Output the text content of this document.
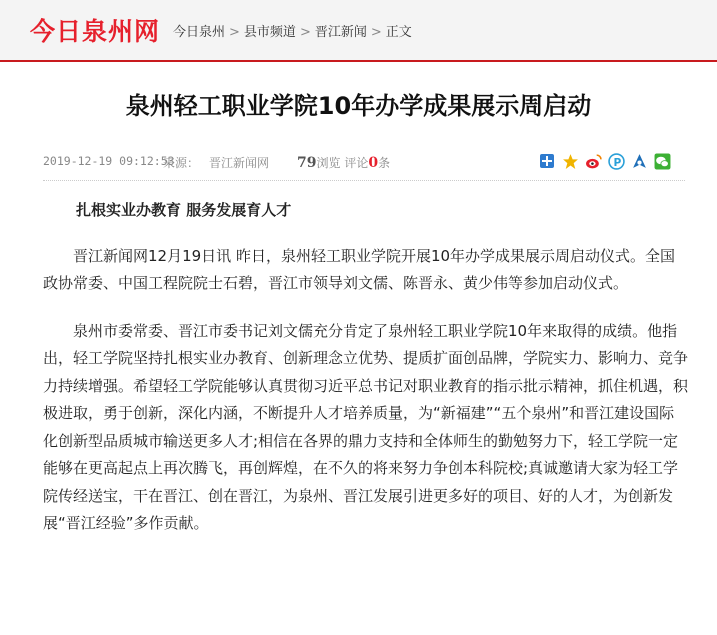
今日泉州网 今日泉州 > 县市频道 > 晋江新闻 > 正文
泉州轻工职业学院10年办学成果展示周启动
2019-12-19 09:12:53
来源： 晋江新闻网 79浏览 评论0条	P
扎根实业办教育 服务发展育人才

晋江新闻网12月19日讯 昨日，泉州轻工职业学院开展10年办学成果展示周启动仪式。全国政协常委、中国工程院院士石碧，晋江市领导刘文儒、陈晋永、黄少伟等参加启动仪式。

泉州市委常委、晋江市委书记刘文儒充分肯定了泉州轻工职业学院10年来取得的成绩。他指出，轻工学院坚持扎根实业办教育、创新理念立优势、提质扩面创品牌，学院实力、影响力、竞争力持续增强。希望轻工学院能够认真贯彻习近平总书记对职业教育的指示批示精神，抓住机遇，积极进取，勇于创新，深化内涵，不断提升人才培养质量，为“新福建”“五个泉州”和晋江建设国际化创新型品质城市输送更多人才;相信在各界的鼎力支持和全体师生的勤勉努力下，轻工学院一定能够在更高起点上再次腾飞，再创辉煌，在不久的将来努力争创本科院校;真诚邀请大家为轻工学院传经送宝，干在晋江、创在晋江，为泉州、晋江发展引进更多好的项目、好的人才，为创新发展“晋江经验”多作贡献。
